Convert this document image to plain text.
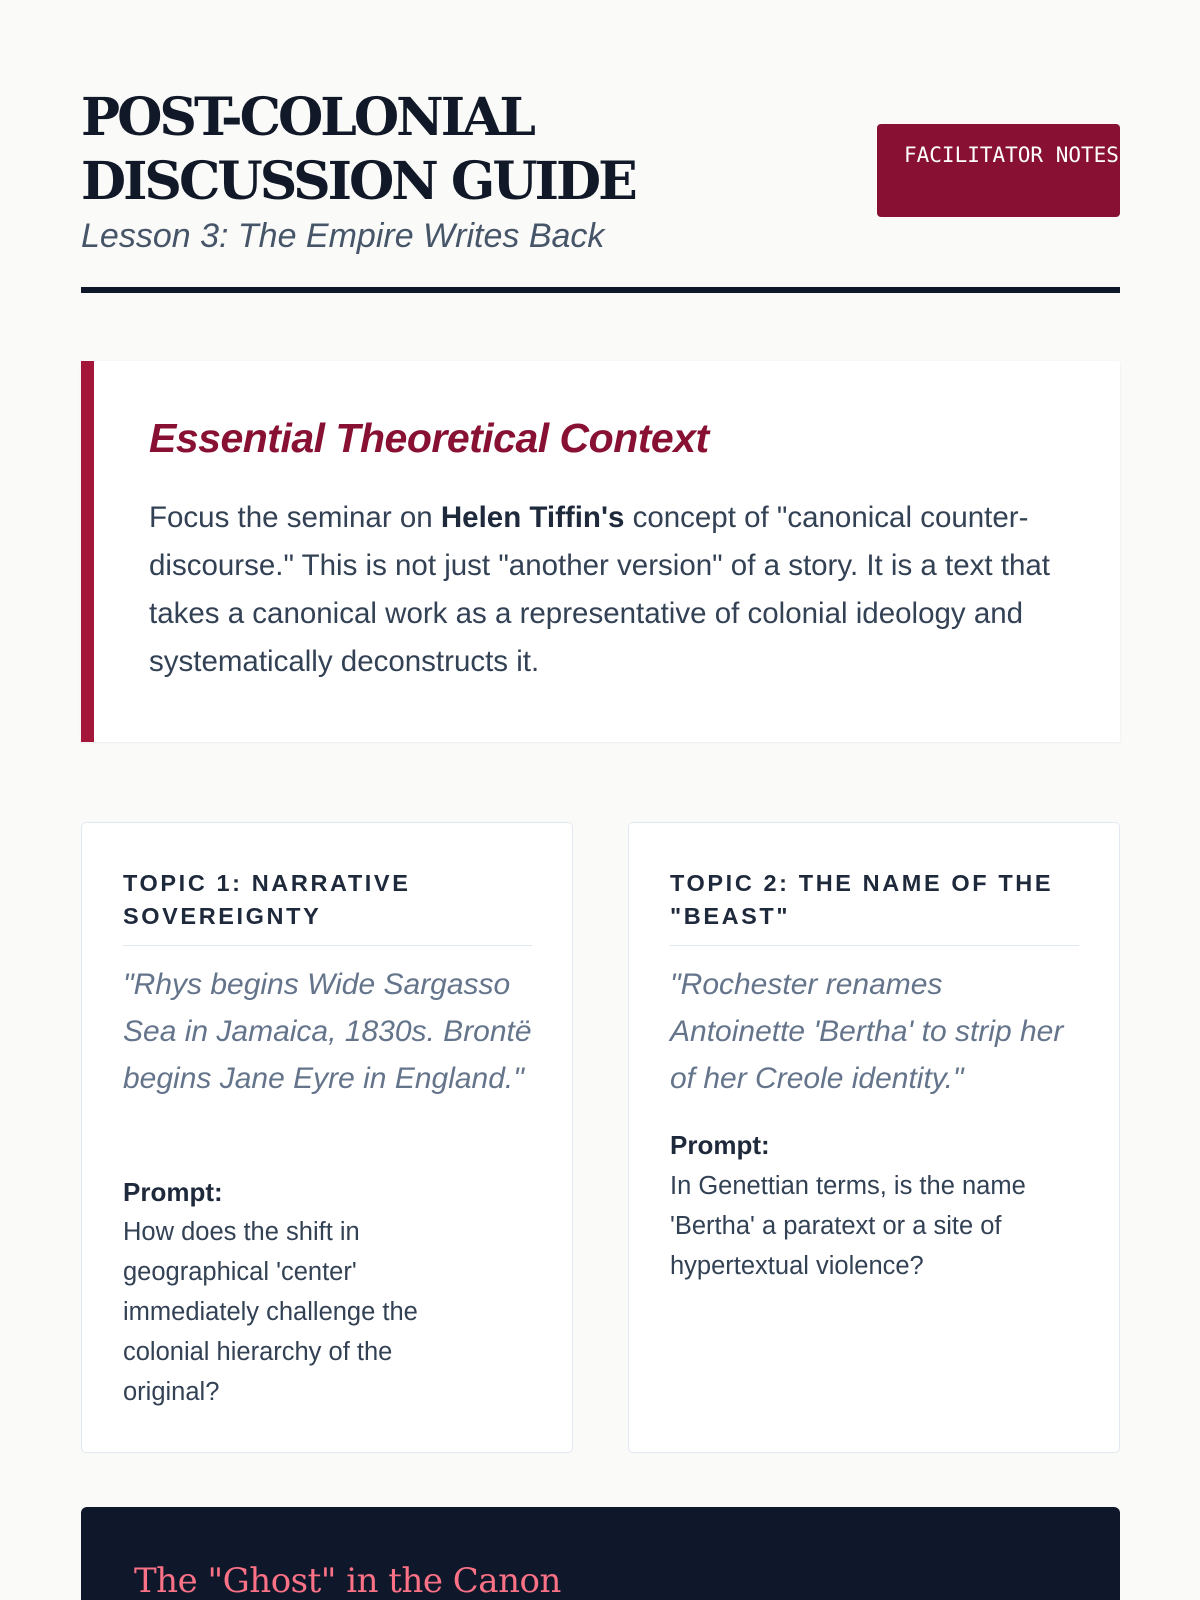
POST-COLONIAL DISCUSSION GUIDE
Lesson 3: The Empire Writes Back
FACILITATOR NOTES
Essential Theoretical Context

Focus the seminar on Helen Tiffin's concept of "canonical counter-discourse." This is not just "another version" of a story. It is a text that takes a canonical work as a representative of colonial ideology and systematically deconstructs it.

TOPIC 1: NARRATIVE SOVEREIGNTY

"Rhys begins Wide Sargasso Sea in Jamaica, 1830s. Brontë begins Jane Eyre in England."

Prompt:

How does the shift in geographical 'center' immediately challenge the colonial hierarchy of the original?

TOPIC 2: THE NAME OF THE "BEAST"

"Rochester renames Antoinette 'Bertha' to strip her of her Creole identity."

Prompt:

In Genettian terms, is the name 'Bertha' a paratext or a site of hypertextual violence?

The "Ghost" in the Canon
